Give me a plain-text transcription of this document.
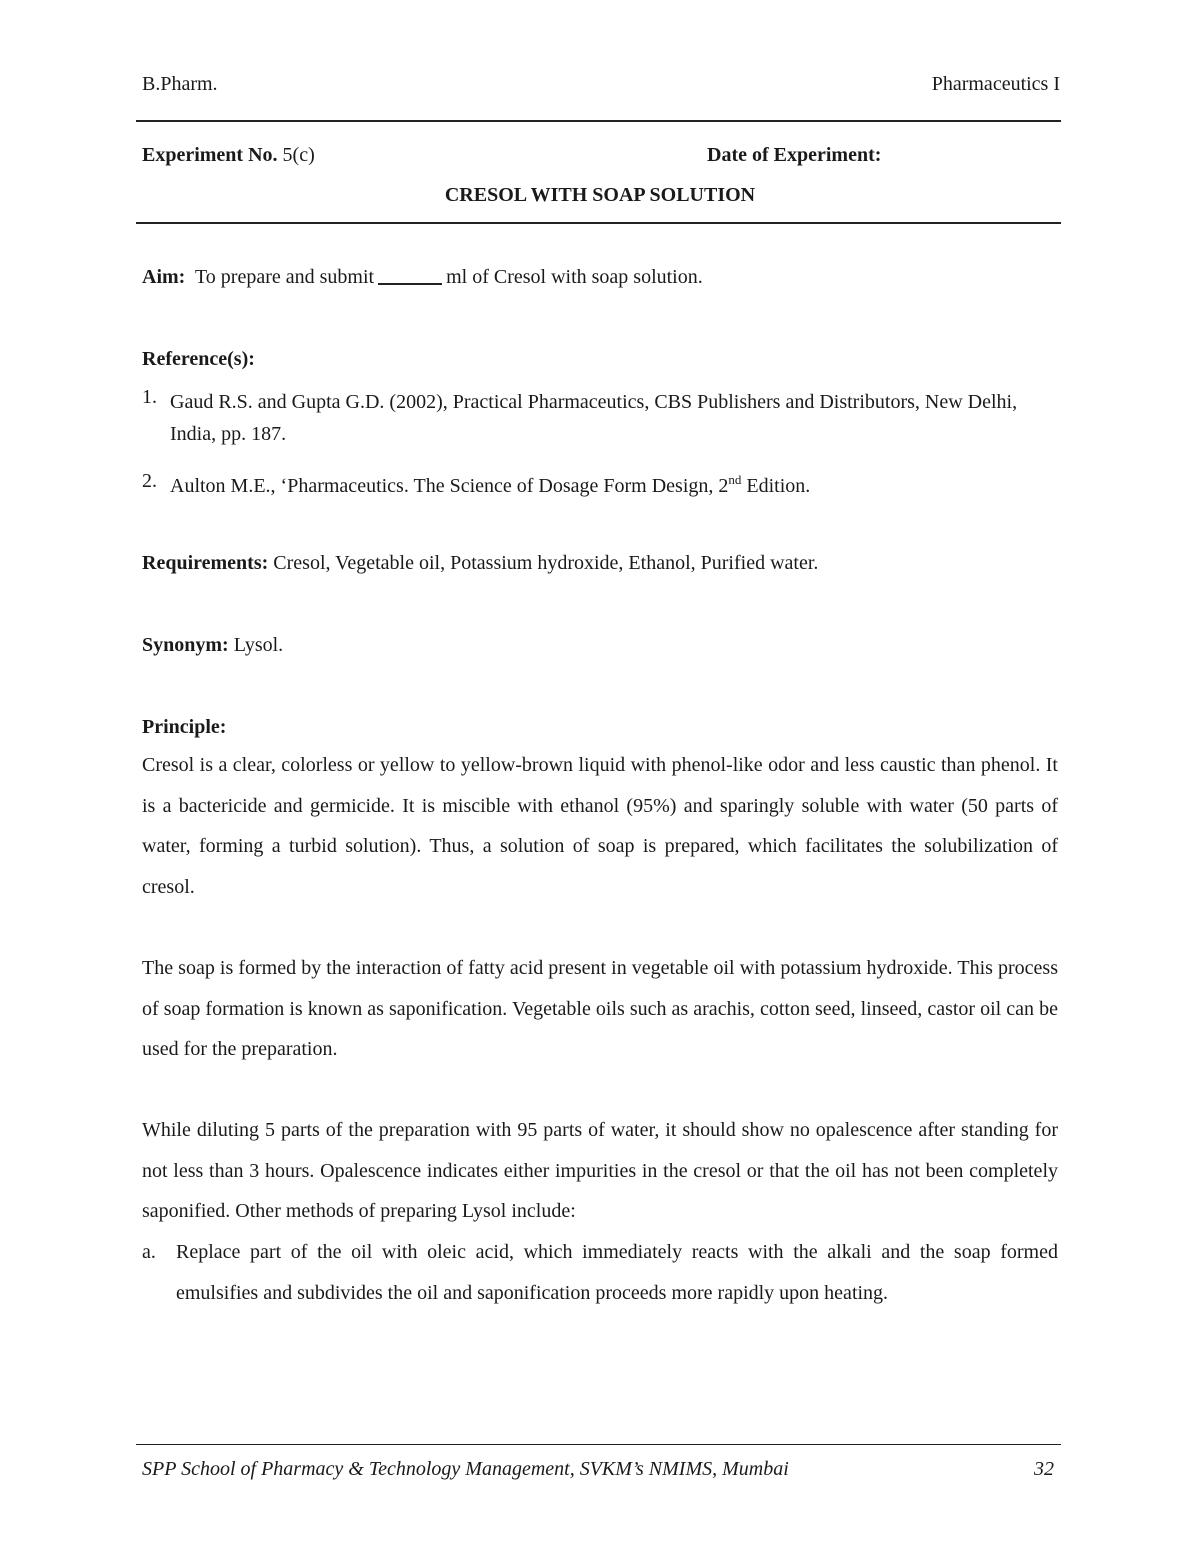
B.Pharm.	Pharmaceutics I
Experiment No. 5(c)	Date of Experiment:
CRESOL WITH SOAP SOLUTION
Aim: To prepare and submit	ml of Cresol with soap solution.
Reference(s):
1. Gaud R.S. and Gupta G.D. (2002), Practical Pharmaceutics, CBS Publishers and Distributors, New Delhi, India, pp. 187.
2. Aulton M.E., ‘Pharmaceutics. The Science of Dosage Form Design, 2nd Edition.
Requirements: Cresol, Vegetable oil, Potassium hydroxide, Ethanol, Purified water.
Synonym: Lysol.
Principle:
Cresol is a clear, colorless or yellow to yellow-brown liquid with phenol-like odor and less caustic than phenol. It is a bactericide and germicide. It is miscible with ethanol (95%) and sparingly soluble with water (50 parts of water, forming a turbid solution). Thus, a solution of soap is prepared, which facilitates the solubilization of cresol.
The soap is formed by the interaction of fatty acid present in vegetable oil with potassium hydroxide. This process of soap formation is known as saponification. Vegetable oils such as arachis, cotton seed, linseed, castor oil can be used for the preparation.
While diluting 5 parts of the preparation with 95 parts of water, it should show no opalescence after standing for not less than 3 hours. Opalescence indicates either impurities in the cresol or that the oil has not been completely saponified. Other methods of preparing Lysol include:
a. Replace part of the oil with oleic acid, which immediately reacts with the alkali and the soap formed emulsifies and subdivides the oil and saponification proceeds more rapidly upon heating.
SPP School of Pharmacy & Technology Management, SVKM’s NMIMS, Mumbai	32
